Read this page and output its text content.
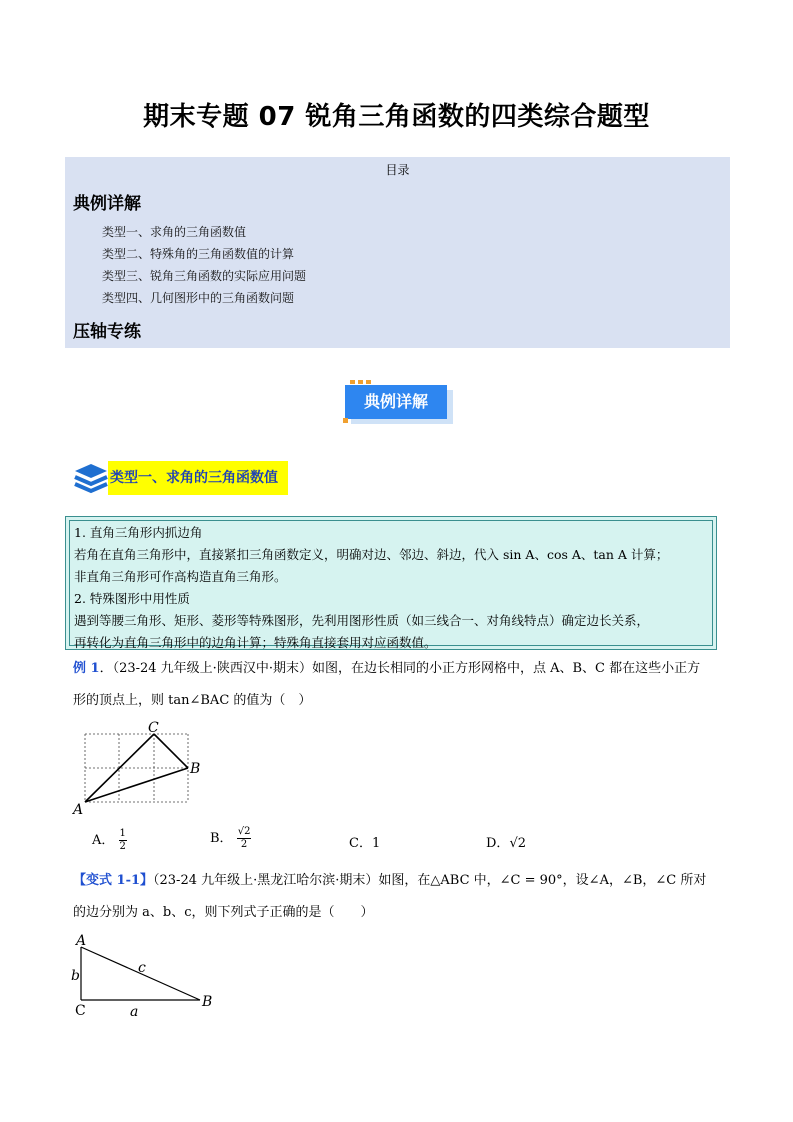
期末专题 07 锐角三角函数的四类综合题型
目录
典例详解
类型一、求角的三角函数值
类型二、特殊角的三角函数值的计算
类型三、锐角三角函数的实际应用问题
类型四、几何图形中的三角函数问题
压轴专练
典例详解
类型一、求角的三角函数值
1. 直角三角形内抓边角
若角在直角三角形中，直接紧扣三角函数定义，明确对边、邻边、斜边，代入 sin A、cos A、tan A 计算；
非直角三角形可作高构造直角三角形。
2. 特殊图形中用性质
遇到等腰三角形、矩形、菱形等特殊图形，先利用图形性质（如三线合一、对角线特点）确定边长关系，
再转化为直角三角形中的边角计算；特殊角直接套用对应函数值。
例 1．（23-24 九年级上·陕西汉中·期末）如图，在边长相同的小正方形网格中，点 A、B、C 都在这些小正方
形的顶点上，则 tan∠BAC 的值为（　）
A
B
C
A． $\frac{1}{2}$	B． $\frac{√2}{2}$	C．1	D．√2
【变式 1-1】（23-24 九年级上·黑龙江哈尔滨·期末）如图，在△ABC 中，∠C = 90°，设∠A，∠B，∠C 所对
的边分别为 a、b、c，则下列式子正确的是（　　）
A
B
C	a
b	c
